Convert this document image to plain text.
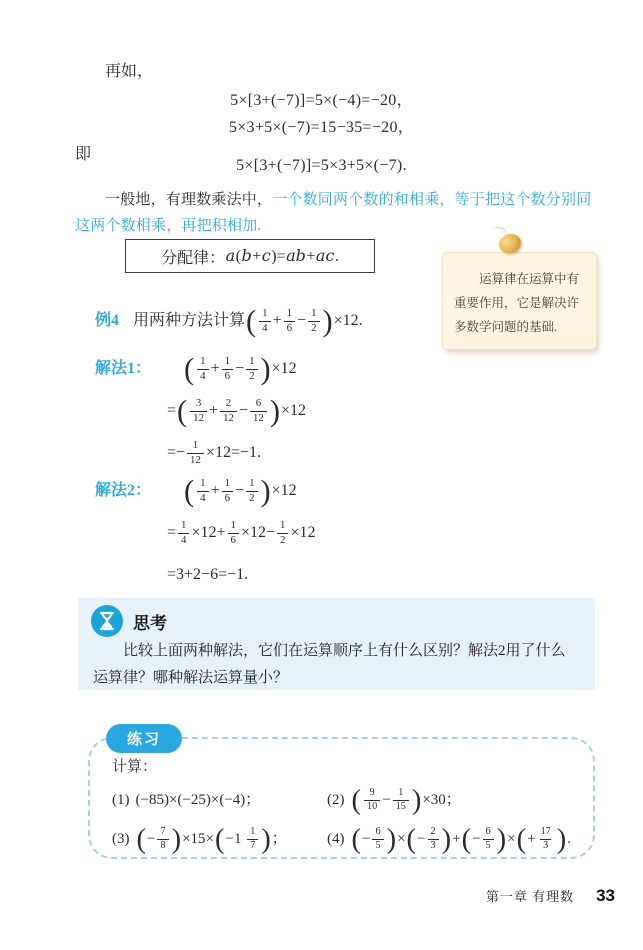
再如，
5×[3+(−7)]=5×(−4)=−20，
5×3+5×(−7)=15−35=−20，
即
5×[3+(−7)]=5×3+5×(−7).
一般地，有理数乘法中，一个数同两个数的和相乘，等于把这个数分别同这两个数相乘，再把积相加.
分配律： a(b+c)=ab+ac.
运算律在运算中有重要作用，它是解决许多数学问题的基础.
例4 用两种方法计算( $\frac{1}{4} + \frac{1}{6} - \frac{1}{2} )\times 12$.
解法1：	( $\frac{1}{4} + \frac{1}{6} - \frac{1}{2} )\times 12$
=( $\frac{3}{12} + \frac{2}{12} - \frac{6}{12} )\times 12$
=− $\frac{1}{12} \times 12=-1$.
解法2：	( $\frac{1}{4} + \frac{1}{6} - \frac{1}{2} )\times 12$
= $\frac{1}{4} \times 12+ \frac{1}{6} \times 12- \frac{1}{2} \times 12$
=3+2−6=−1.
思考
比较上面两种解法，它们在运算顺序上有什么区别？解法2用了什么运算律？哪种解法运算量小？
练习
计算：
(1) (−85)×(−25)×(−4)；	(2) ( $\frac{9}{10} - \frac{1}{15} )\times 30$；
(3) (− $\frac{7}{8} )\times 15\times(-1 \frac{1}{7}$ )；	(4) (− $\frac{6}{5}$ )×(− $\frac{2}{3}$ )+(− $\frac{6}{5}$ )×(+ $\frac{17}{3}$ ).
第一章 有理数 33
